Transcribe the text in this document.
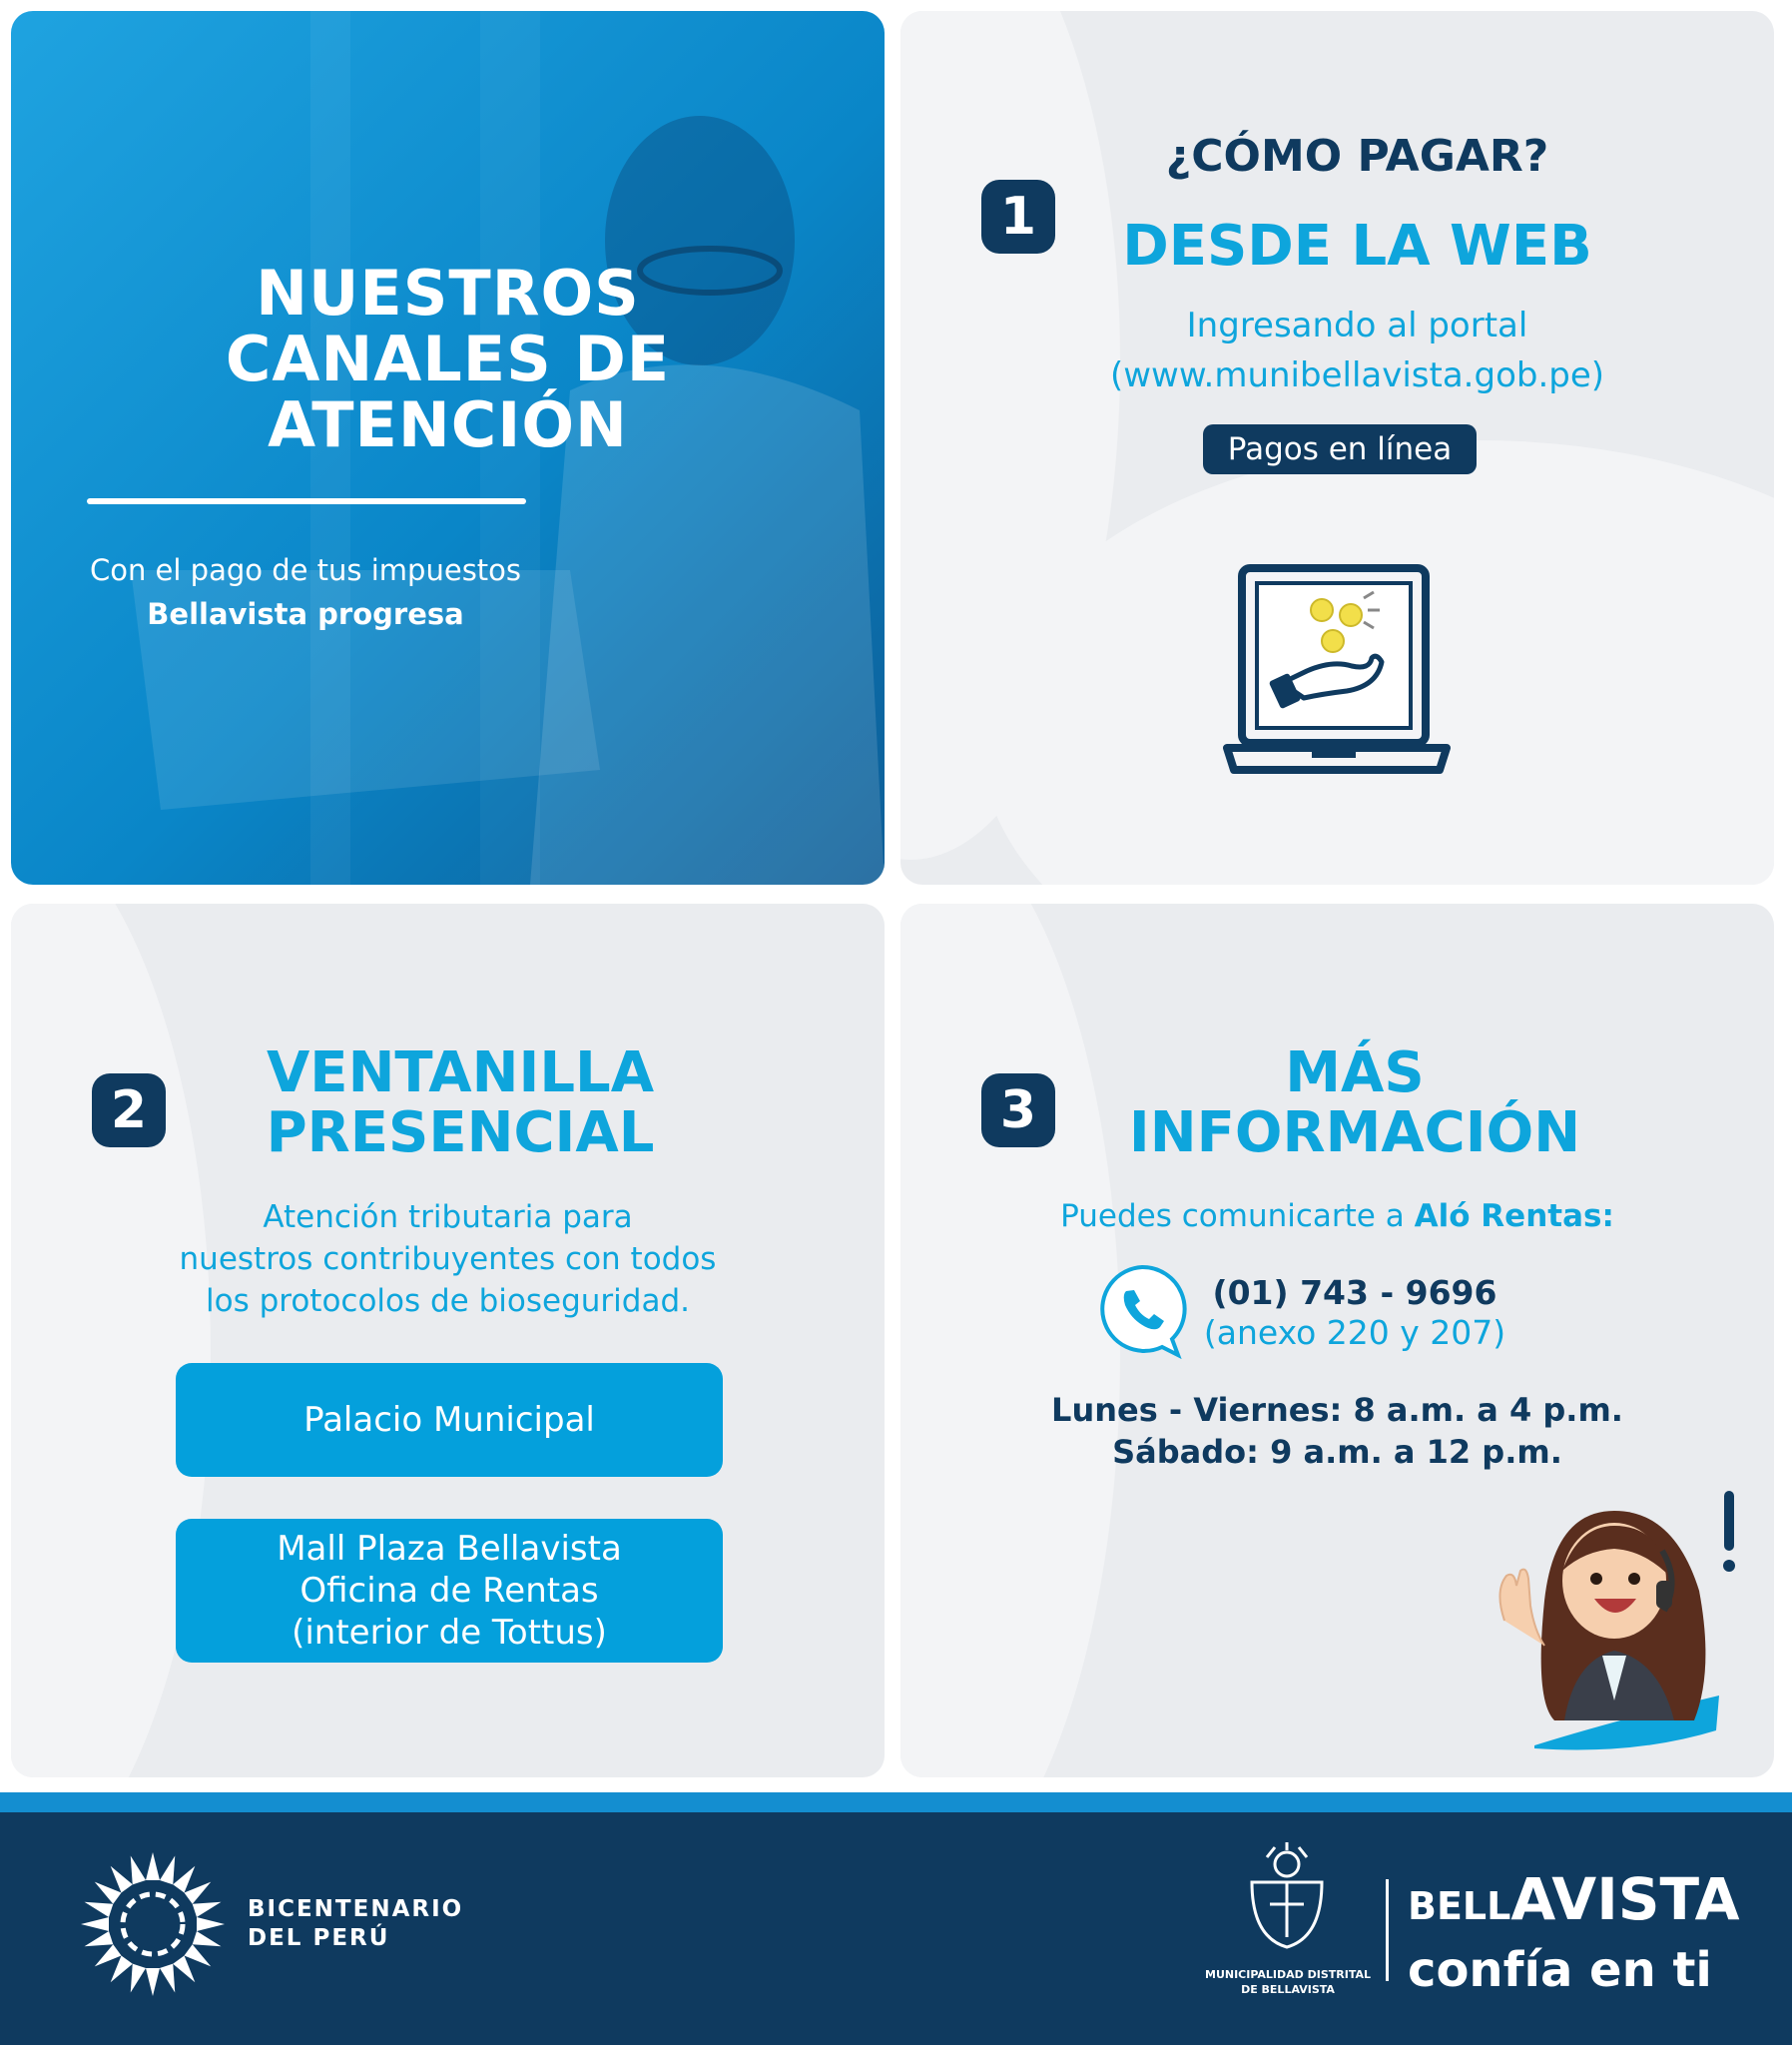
NUESTROS
CANALES DE
ATENCIÓN
Con el pago de tus impuestos
Bellavista progresa
¿CÓMO PAGAR?
1	DESDE LA WEB
Ingresando al portal
(www.munibellavista.gob.pe)
Pagos en línea
2
VENTANILLA
PRESENCIAL
Atención tributaria para
nuestros contribuyentes con todos
los protocolos de bioseguridad.
Palacio Municipal
Mall Plaza Bellavista
Oficina de Rentas
(interior de Tottus)
3
MÁS
INFORMACIÓN
Puedes comunicarte a Aló Rentas:
(01) 743 - 9696
(anexo 220 y 207)
Lunes - Viernes: 8 a.m. a 4 p.m.
Sábado: 9 a.m. a 12 p.m.
BICENTENARIO
DEL PERÚ
MUNICIPALIDAD DISTRITAL
DE BELLAVISTA
BELLAVISTA
confía en ti
